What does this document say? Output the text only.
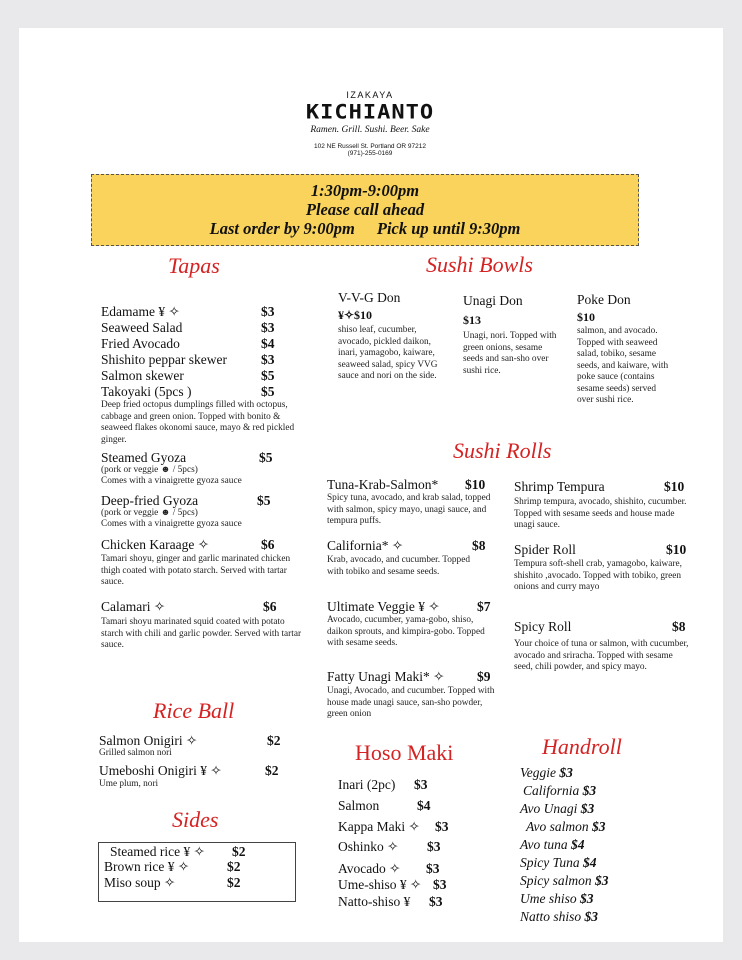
IZAKAYA
KICHIANTO
Ramen. Grill. Sushi. Beer. Sake
102 NE Russell St. Portland OR 97212
(971)-255-0169
1:30pm-9:00pm
Please call ahead
Last order by 9:00pm Pick up until 9:30pm
Tapas	Sushi Bowls
Sushi Rolls
Rice Ball
Sides
Hoso Maki	Handroll
Edamame ¥ ✧	$3
Seaweed Salad	$3
Fried Avocado	$4
Shishito peppar skewer	$3
Salmon skewer	$5
Takoyaki (5pcs )	$5
Deep fried octopus dumplings filled with octopus, cabbage and green onion. Topped with bonito & seaweed flakes okonomi sauce, mayo & red pickled ginger.
Steamed Gyoza	$5
(pork or veggie ☻ / 5pcs)
Comes with a vinaigrette gyoza sauce
Deep-fried Gyoza	$5
(pork or veggie ☻ / 5pcs)
Comes with a vinaigrette gyoza sauce
Chicken Karaage ✧	$6
Tamari shoyu, ginger and garlic marinated chicken thigh coated with potato starch. Served with tartar sauce.
Calamari ✧	$6
Tamari shoyu marinated squid coated with potato starch with chili and garlic powder. Served with tartar sauce.
V-V-G Don
¥✧$10
shiso leaf, cucumber, avocado, pickled daikon, inari, yamagobo, kaiware, seaweed salad, spicy VVG sauce and nori on the side.
Unagi Don
$13
Unagi, nori. Topped with green onions, sesame seeds and san-sho over sushi rice.
Poke Don
$10
salmon, and avocado. Topped with seaweed salad, tobiko, sesame seeds, and kaiware, with poke sauce (contains sesame seeds) served over sushi rice.
Tuna-Krab-Salmon* $10
Spicy tuna, avocado, and krab salad, topped with salmon, spicy mayo, unagi sauce, and tempura puffs.
California* ✧	$8
Krab, avocado, and cucumber. Topped with tobiko and sesame seeds.
Ultimate Veggie ¥ ✧	$7
Avocado, cucumber, yama-gobo, shiso, daikon sprouts, and kimpira-gobo. Topped with sesame seeds.
Fatty Unagi Maki* ✧ $9
Unagi, Avocado, and cucumber. Topped with house made unagi sauce, san-sho powder, green onion
Shrimp Tempura	$10
Shrimp tempura, avocado, shishito, cucumber. Topped with sesame seeds and house made unagi sauce.
Spider Roll	$10
Tempura soft-shell crab, yamagobo, kaiware, shishito ,avocado. Topped with tobiko, green onions and curry mayo
Spicy Roll	$8
Your choice of tuna or salmon, with cucumber, avocado and sriracha. Topped with sesame seed, chili powder, and spicy mayo.
Salmon Onigiri ✧	$2
Grilled salmon nori
Umeboshi Onigiri ¥ ✧	$2
Ume plum, nori
Steamed rice ¥ ✧ $2
Brown rice ¥ ✧	$2
Miso soup ✧	$2
Inari (2pc) $3
Salmon	$4
Kappa Maki ✧ $3
Oshinko ✧ $3
Avocado ✧ $3
Ume-shiso ¥ ✧ $3
Natto-shiso ¥ $3
Veggie $3
California $3
Avo Unagi $3
Avo salmon $3
Avo tuna $4
Spicy Tuna $4
Spicy salmon $3
Ume shiso $3
Natto shiso $3
